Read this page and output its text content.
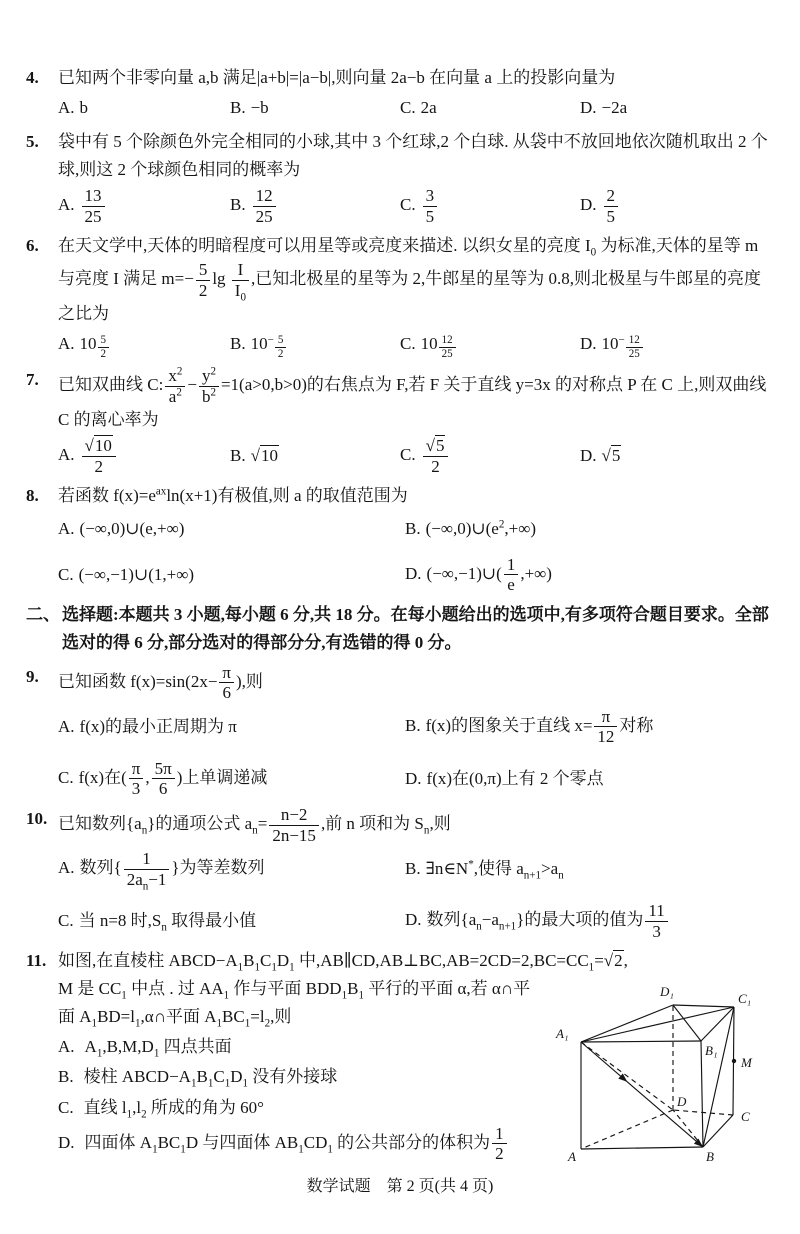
4.	已知两个非零向量 a,b 满足|a+b|=|a−b|,则向量 2a−b 在向量 a 上的投影向量为
A. b	B. −b	C. 2a	D. −2a
5.	袋中有 5 个除颜色外完全相同的小球,其中 3 个红球,2 个白球. 从袋中不放回地依次随机取出 2 个球,则这 2 个球颜色相同的概率为
A. $\frac{13}{25}$	B. $\frac{12}{25}$	C. $\frac{3}{5}$	D. $\frac{2}{5}$
6.	在天文学中,天体的明暗程度可以用星等或亮度来描述. 以织女星的亮度 $I_0$ 为标准,天体的星等 m 与亮度 I 满足 $m=- \frac{5}{2}$ $\lg \frac{I}{I_0}$ ,已知北极星的星等为 2,牛郎星的星等为 0.8,则北极星与牛郎星的亮度之比为
A. 10 $^{\frac{5}{2}}$	B. $10^{- \frac{5}{2}}$	C. 10 $^{\frac{12}{25}}$	D. $10^{- \frac{12}{25}}$
7.	已知双曲线 C: $\frac{x^2}{a^2} - \frac{y^2}{b^2} =1(a>0,b>0)$的右焦点为 F,若 F 关于直线 y=3x 的对称点 P 在 C 上,则双曲线 C 的离心率为
A. $\frac{√10}{2}$	B. √10	C. $\frac{√5}{2}$	D. √5
8.	若函数 $f(x)=e^{ax}\ln(x+1)$有极值,则 a 的取值范围为
A. (−∞,0)∪(e,+∞)	B. $(-\infty,0)\cup(e^2,+\infty)$
C. (−∞,−1)∪(1,+∞)	D. (−∞,−1)∪( $\frac{1}{e}$ ,+∞)
二、 选择题:本题共 3 小题,每小题 6 分,共 18 分。在每小题给出的选项中,有多项符合题目要求。全部选对的得 6 分,部分选对的得部分分,有选错的得 0 分。
9.	已知函数 $f(x)=\sin(2x- \frac{\pi}{6}$ ),则
A. f(x)的最小正周期为 π	B. f(x)的图象关于直线 $x= \frac{\pi}{12}$ 对称
C. f(x)在( $\frac{\pi}{3}$ , $\frac{5\pi}{6}$ )上单调递减	D. f(x)在(0,π)上有 2 个零点
10. 已知数列$\{a_n\}$的通项公式 $a_n= \frac{n-2}{2n-15}$ ,前 n 项和为 $S_n$,则
A. 数列{ $\frac{1}{2a_n-1}$ }为等差数列	B. ∃n∈N*,使得 $a_{n+1}>a_n$
C. 当 n=8 时$,S_n$ 取得最小值	D. 数列$\{a_n-a_{n+1}\}$的最大项的值为 $\frac{11}{3}$
11. 如图,在直棱柱 $ABCD-A_1B_1C_1D_1$ 中$,AB\parallel CD,AB\perp BC,AB=2CD=2,BC=CC_1=√2$,
A	B
C
D
A₁
B₁
C₁
D₁
M
M 是 $CC_1$ 中点 . 过 $AA_1$ 作与平面 $BDD_1B_1$ 平行的平面 α,若 α∩平面 $A_1BD=l_1,\alpha\cap$平面 $A_1BC_1=l_2$,则
A. $A_1,B,M,D_1$ 四点共面
B. 棱柱 $ABCD-A_1B_1C_1D_1$ 没有外接球
C. 直线 $l_1,l_2$ 所成的角为 60°
D. 四面体 $A_1BC_1D$ 与四面体 $AB_1CD_1$ 的公共部分的体积为 $\frac{1}{2}$
数学试题　第 2 页(共 4 页)
